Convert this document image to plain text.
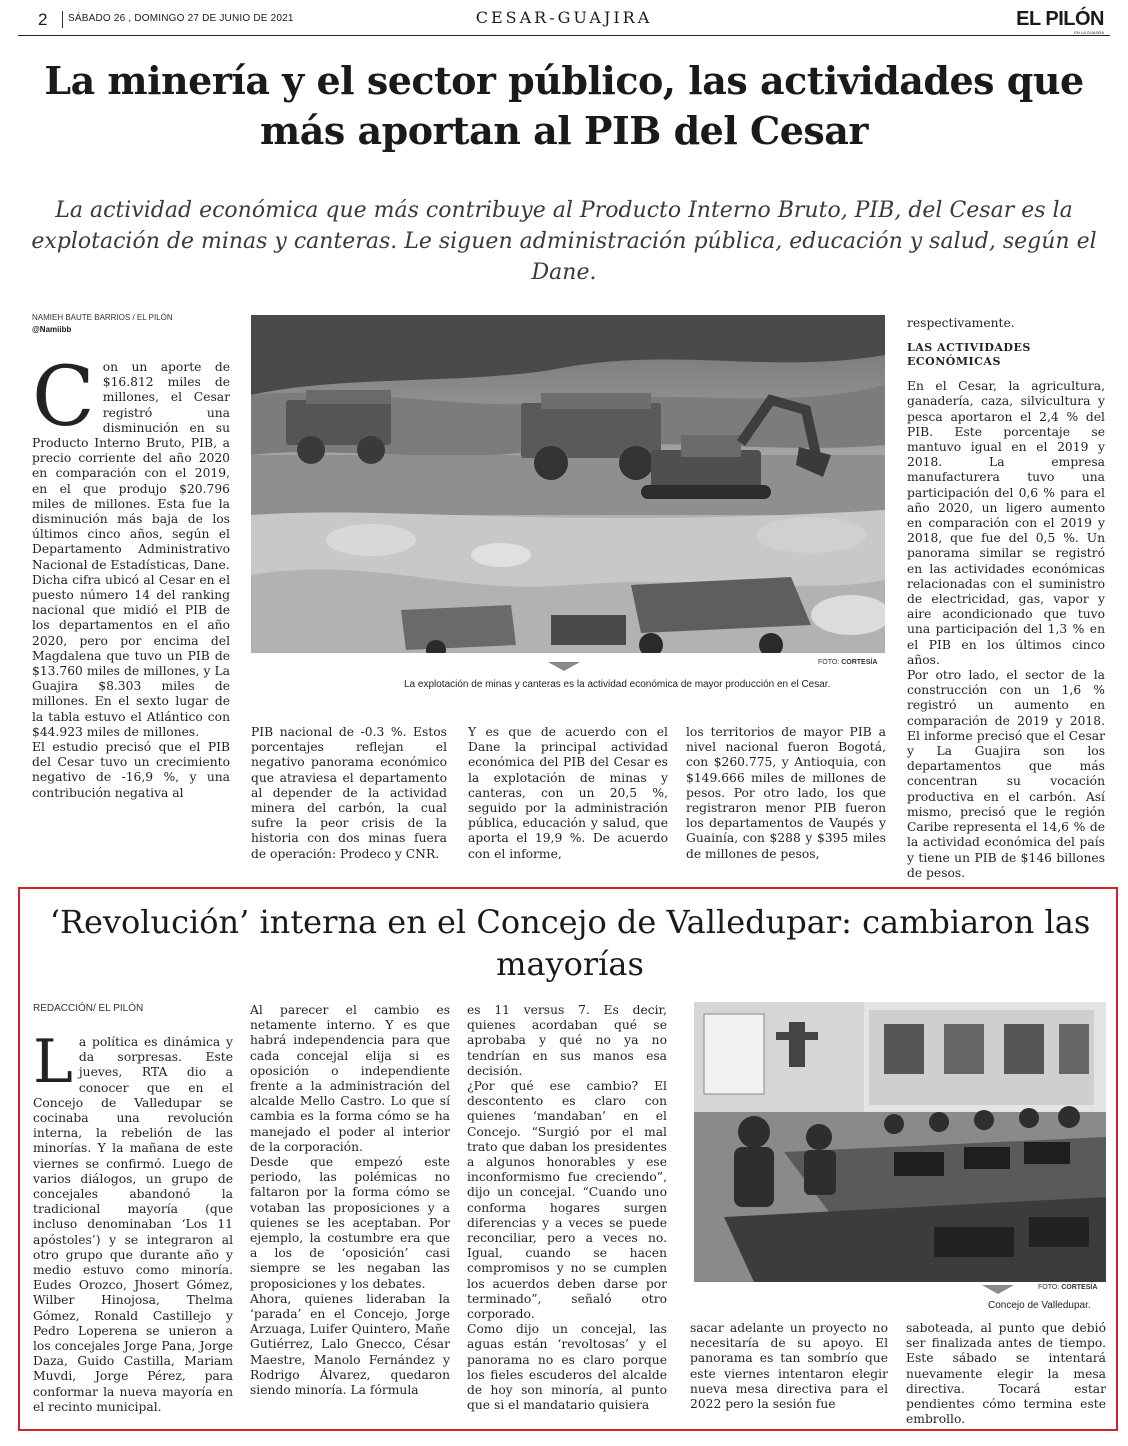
2 SÁBADO 26 , DOMINGO 27 DE JUNIO DE 2021	CESAR-GUAJIRA	EL PILÓN
EN LA GUAJIRA
La minería y el sector público, las actividades que más aportan al PIB del Cesar

La actividad económica que más contribuye al Producto Interno Bruto, PIB, del Cesar es la explotación de minas y canteras. Le siguen administración pública, educación y salud, según el Dane.

NAMIEH BAUTE BARRIOS / EL PILÓN
@Namiibb
C on un aporte de $16.812 miles de millones, el Cesar registró una disminución en su Producto Interno Bruto, PIB, a precio corriente del año 2020 en comparación con el 2019, en el que produjo $20.796 miles de millones. Esta fue la disminución más baja de los últimos cinco años, según el Departamento Administrativo Nacional de Estadísticas, Dane.

Dicha cifra ubicó al Cesar en el puesto número 14 del ranking nacional que midió el PIB de los departamentos en el año 2020, pero por encima del Magdalena que tuvo un PIB de $13.760 miles de millones, y La Guajira $8.303 miles de millones. En el sexto lugar de la tabla estuvo el Atlántico con $44.923 miles de millones.

El estudio precisó que el PIB del Cesar tuvo un crecimiento negativo de -16,9 %, y una contribución negativa al

FOTO: CORTESÍA
La explotación de minas y canteras es la actividad económica de mayor producción en el Cesar.

PIB nacional de -0.3 %. Estos porcentajes reflejan el negativo panorama económico que atraviesa el departamento al depender de la actividad minera del carbón, la cual sufre la peor crisis de la historia con dos minas fuera de operación: Prodeco y CNR.

Y es que de acuerdo con el Dane la principal actividad económica del PIB del Cesar es la explotación de minas y canteras, con un 20,5 %, seguido por la administración pública, educación y salud, que aporta el 19,9 %. De acuerdo con el informe,

los territorios de mayor PIB a nivel nacional fueron Bogotá, con $260.775, y Antioquia, con $149.666 miles de millones de pesos. Por otro lado, los que registraron menor PIB fueron los departamentos de Vaupés y Guainía, con $288 y $395 miles de millones de pesos,

respectivamente.

LAS ACTIVIDADES ECONÓMICAS

En el Cesar, la agricultura, ganadería, caza, silvicultura y pesca aportaron el 2,4 % del PIB. Este porcentaje se mantuvo igual en el 2019 y 2018. La empresa manufacturera tuvo una participación del 0,6 % para el año 2020, un ligero aumento en comparación con el 2019 y 2018, que fue del 0,5 %. Un panorama similar se registró en las actividades económicas relacionadas con el suministro de electricidad, gas, vapor y aire acondicionado que tuvo una participación del 1,3 % en el PIB en los últimos cinco años.

Por otro lado, el sector de la construcción con un 1,6 % registró un aumento en comparación de 2019 y 2018. El informe precisó que el Cesar y La Guajira son los departamentos que más concentran su vocación productiva en el carbón. Así mismo, precisó que le región Caribe representa el 14,6 % de la actividad económica del país y tiene un PIB de $146 billones de pesos.

‘Revolución’ interna en el Concejo de Valledupar: cambiaron las mayorías
REDACCIÓN/ EL PILÓN
L a política es dinámica y da sorpresas. Este jueves, RTA dio a conocer que en el Concejo de Valledupar se cocinaba una revolución interna, la rebelión de las minorías. Y la mañana de este viernes se confirmó. Luego de varios diálogos, un grupo de concejales abandonó la tradicional mayoría (que incluso denominaban ‘Los 11 apóstoles’) y se integraron al otro grupo que durante año y medio estuvo como minoría. Eudes Orozco, Jhosert Gómez, Wilber Hinojosa, Thelma Gómez, Ronald Castillejo y Pedro Loperena se unieron a los concejales Jorge Pana, Jorge Daza, Guido Castilla, Mariam Muvdi, Jorge Pérez, para conformar la nueva mayoría en el recinto municipal.

Al parecer el cambio es netamente interno. Y es que habrá independencia para que cada concejal elija si es oposición o independiente frente a la administración del alcalde Mello Castro. Lo que sí cambia es la forma cómo se ha manejado el poder al interior de la corporación.

Desde que empezó este periodo, las polémicas no faltaron por la forma cómo se votaban las proposiciones y a quienes se les aceptaban. Por ejemplo, la costumbre era que a los de ‘oposición’ casi siempre se les negaban las proposiciones y los debates.

Ahora, quienes lideraban la ‘parada’ en el Concejo, Jorge Arzuaga, Luifer Quintero, Mañe Gutiérrez, Lalo Gnecco, César Maestre, Manolo Fernández y Rodrigo Álvarez, quedaron siendo minoría. La fórmula

es 11 versus 7. Es decir, quienes acordaban qué se aprobaba y qué no ya no tendrían en sus manos esa decisión.

¿Por qué ese cambio? El descontento es claro con quienes ‘mandaban’ en el Concejo. “Surgió por el mal trato que daban los presidentes a algunos honorables y ese inconformismo fue creciendo”, dijo un concejal. “Cuando uno conforma hogares surgen diferencias y a veces se puede reconciliar, pero a veces no. Igual, cuando se hacen compromisos y no se cumplen los acuerdos deben darse por terminado”, señaló otro corporado.

Como dijo un concejal, las aguas están ‘revoltosas’ y el panorama no es claro porque los fieles escuderos del alcalde de hoy son minoría, al punto que si el mandatario quisiera

FOTO: CORTESÍA
Concejo de Valledupar.

sacar adelante un proyecto no necesitaría de su apoyo. El panorama es tan sombrío que este viernes intentaron elegir nueva mesa directiva para el 2022 pero la sesión fue

saboteada, al punto que debió ser finalizada antes de tiempo. Este sábado se intentará nuevamente elegir la mesa directiva. Tocará estar pendientes cómo termina este embrollo.
